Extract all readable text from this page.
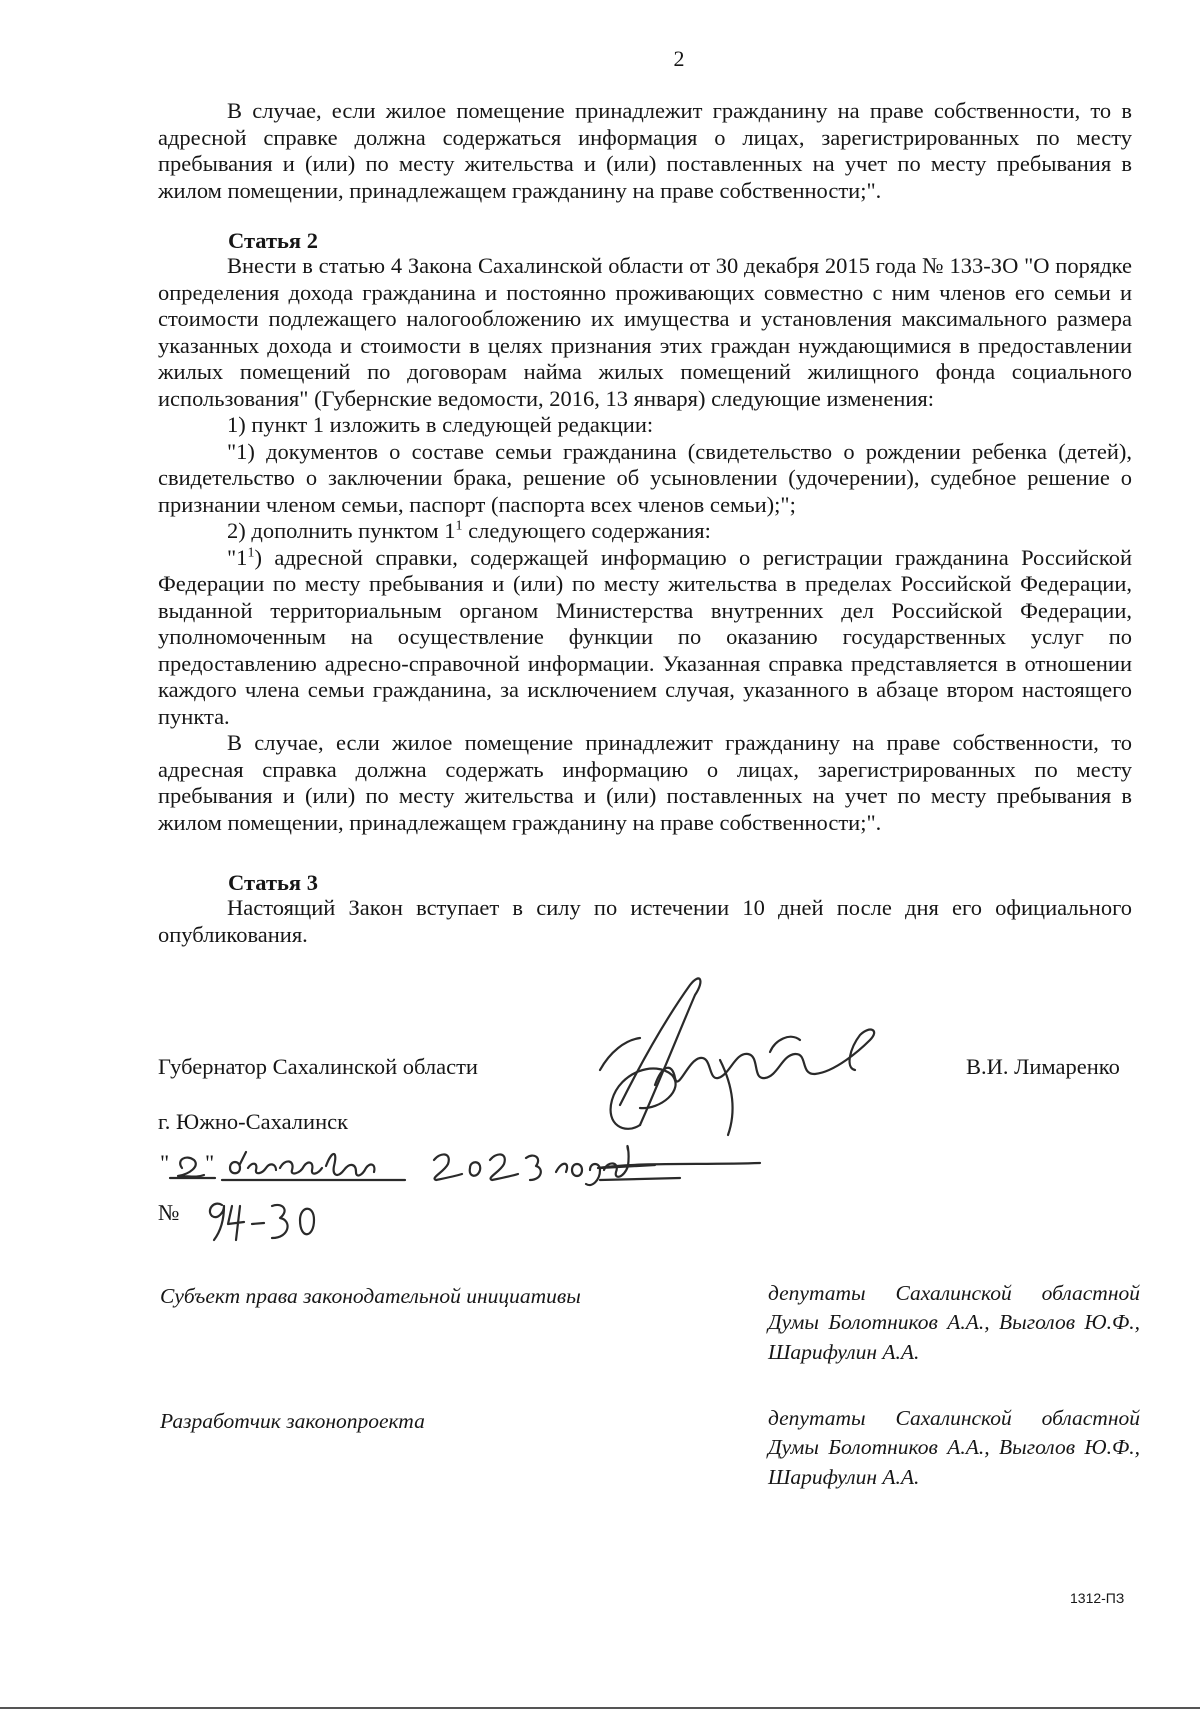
2

В случае, если жилое помещение принадлежит гражданину на праве собственности, то в адресной справке должна содержаться информация о лицах, зарегистрированных по месту пребывания и (или) по месту жительства и (или) поставленных на учет по месту пребывания в жилом помещении, принадлежащем гражданину на праве собственности;".

Статья 2

Внести в статью 4 Закона Сахалинской области от 30 декабря 2015 года № 133-ЗО "О порядке определения дохода гражданина и постоянно проживающих совместно с ним членов его семьи и стоимости подлежащего налогообложению их имущества и установления максимального размера указанных дохода и стоимости в целях признания этих граждан нуждающимися в предоставлении жилых помещений по договорам найма жилых помещений жилищного фонда социального использования" (Губернские ведомости, 2016, 13 января) следующие изменения:

1) пункт 1 изложить в следующей редакции:

"1) документов о составе семьи гражданина (свидетельство о рождении ребенка (детей), свидетельство о заключении брака, решение об усыновлении (удочерении), судебное решение о признании членом семьи, паспорт (паспорта всех членов семьи);";

2) дополнить пунктом $1^1$ следующего содержания:

"$1^1$) адресной справки, содержащей информацию о регистрации гражданина Российской Федерации по месту пребывания и (или) по месту жительства в пределах Российской Федерации, выданной территориальным органом Министерства внутренних дел Российской Федерации, уполномоченным на осуществление функции по оказанию государственных услуг по предоставлению адресно-справочной информации. Указанная справка представляется в отношении каждого члена семьи гражданина, за исключением случая, указанного в абзаце втором настоящего пункта.

В случае, если жилое помещение принадлежит гражданину на праве собственности, то адресная справка должна содержать информацию о лицах, зарегистрированных по месту пребывания и (или) по месту жительства и (или) поставленных на учет по месту пребывания в жилом помещении, принадлежащем гражданину на праве собственности;".

Статья 3

Настоящий Закон вступает в силу по истечении 10 дней после дня его официального опубликования.

Губернатор Сахалинской области	В.И. Лимаренко
г. Южно-Сахалинск
" "
№
Субъект права законодательной инициативы	депутаты Сахалинской областной
Думы Болотников А.А., Выголов Ю.Ф.,
Шарифулин А.А.
Разработчик законопроекта	депутаты Сахалинской областной
Думы Болотников А.А., Выголов Ю.Ф.,
Шарифулин А.А.
1312-ПЗ
